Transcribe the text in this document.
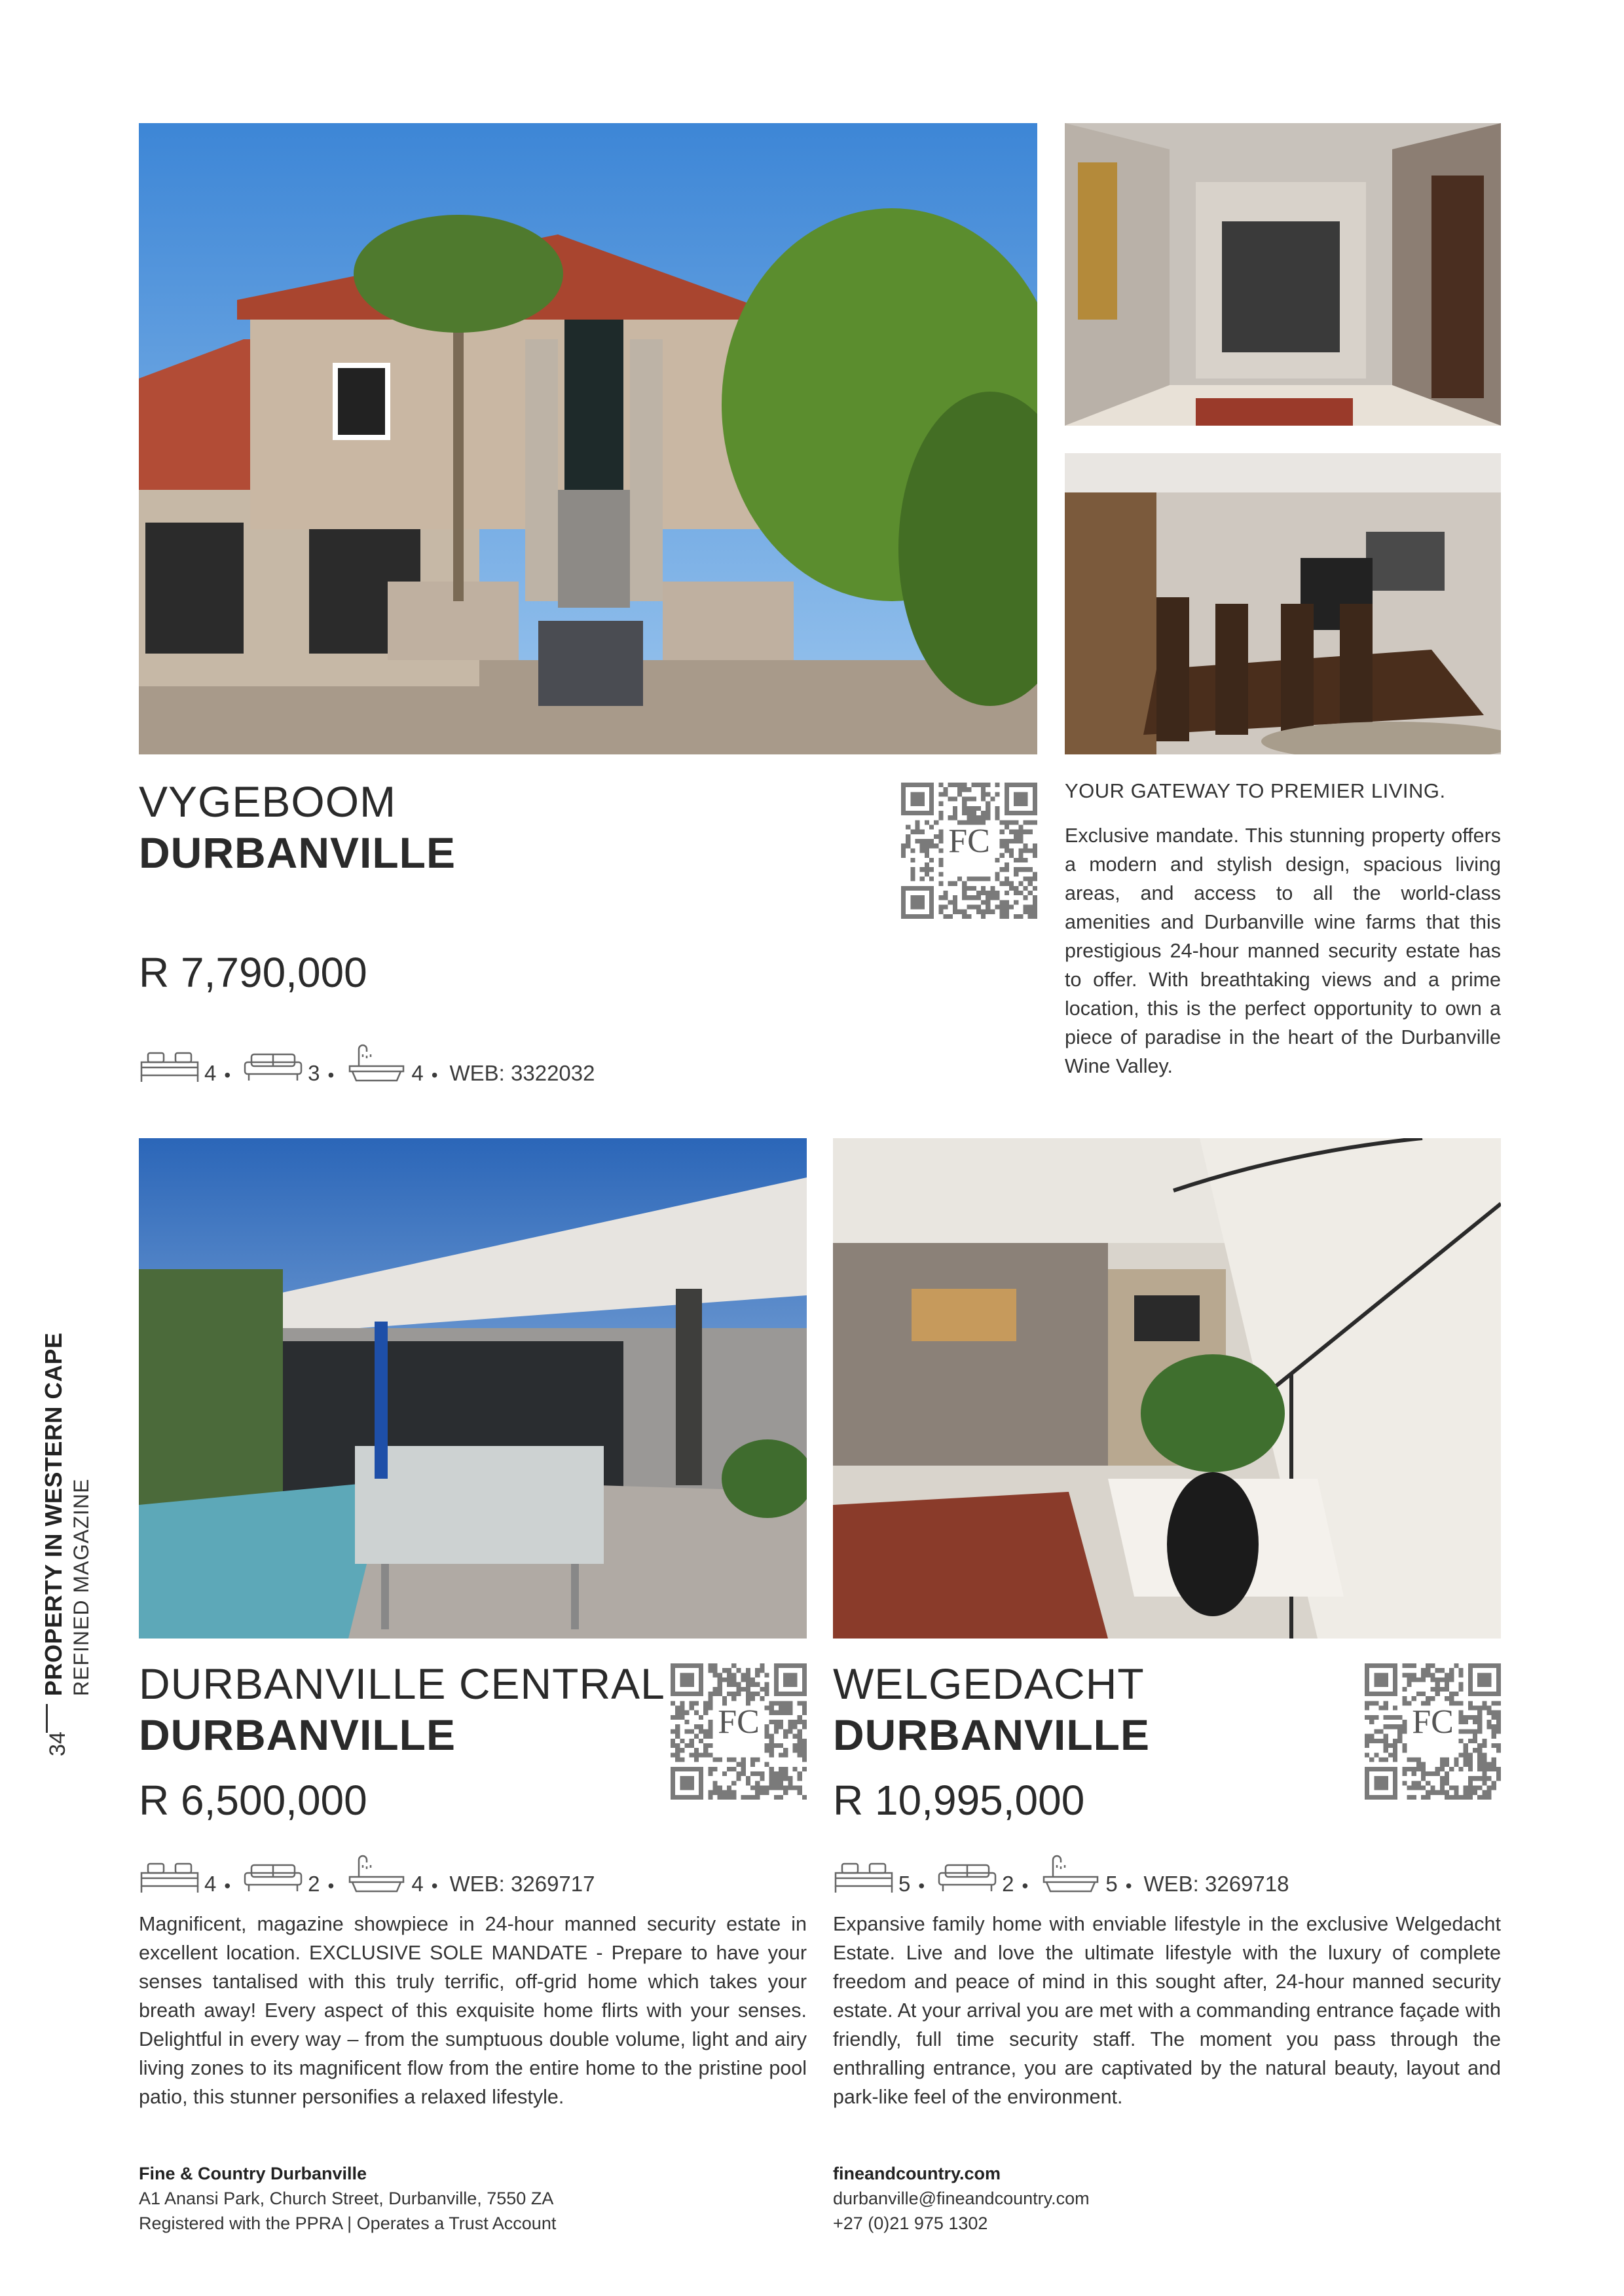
VYGEBOOM
DURBANVILLE	FC
R 7,790,000
4 •	3 •	4 • WEB: 3322032
YOUR GATEWAY TO PREMIER LIVING.
Exclusive mandate. This stunning property offers a modern and stylish design, spacious living areas, and access to all the world-class amenities and Durbanville wine farms that this prestigious 24-hour manned security estate has to offer. With breathtaking views and a prime location, this is the perfect opportunity to own a piece of paradise in the heart of the Durbanville Wine Valley.
DURBANVILLE CENTRAL
DURBANVILLE	FC
R 6,500,000
4 •	2 •	4 • WEB: 3269717
Magnificent, magazine showpiece in 24-hour manned security estate in excellent location. EXCLUSIVE SOLE MANDATE - Prepare to have your senses tantalised with this truly terrific, off-grid home which takes your breath away! Every aspect of this exquisite home flirts with your senses. Delightful in every way – from the sumptuous double volume, light and airy living zones to its magnificent flow from the entire home to the pristine pool patio, this stunner personifies a relaxed lifestyle.
WELGEDACHT
DURBANVILLE	FC
R 10,995,000
5 •	2 •	5 • WEB: 3269718
Expansive family home with enviable lifestyle in the exclusive Welgedacht Estate. Live and love the ultimate lifestyle with the luxury of complete freedom and peace of mind in this sought after, 24-hour manned security estate. At your arrival you are met with a commanding entrance façade with friendly, full time security staff. The moment you pass through the enthralling entrance, you are captivated by the natural beauty, layout and park-like feel of the environment.
PROPERTY IN WESTERN CAPE REFINED MAGAZINE
34
Fine & Country Durbanville
A1 Anansi Park, Church Street, Durbanville, 7550 ZA
Registered with the PPRA | Operates a Trust Account
fineandcountry.com
durbanville@fineandcountry.com
+27 (0)21 975 1302
